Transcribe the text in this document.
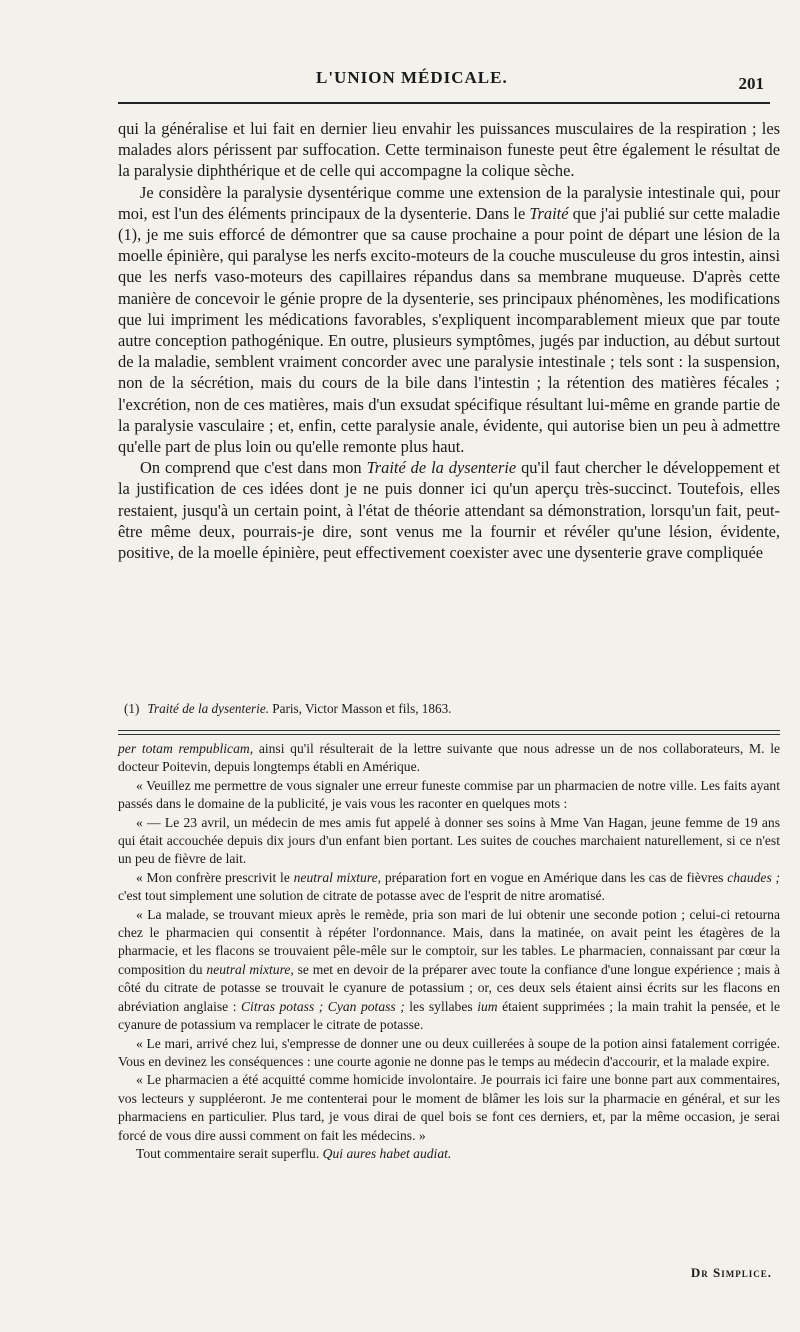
L'UNION MÉDICALE.	201

qui la généralise et lui fait en dernier lieu envahir les puissances musculaires de la respiration ; les malades alors périssent par suffocation. Cette terminaison funeste peut être également le résultat de la paralysie diphthérique et de celle qui accompagne la colique sèche.

Je considère la paralysie dysentérique comme une extension de la paralysie intestinale qui, pour moi, est l'un des éléments principaux de la dysenterie. Dans le Traité que j'ai publié sur cette maladie (1), je me suis efforcé de démontrer que sa cause prochaine a pour point de départ une lésion de la moelle épinière, qui paralyse les nerfs excito-moteurs de la couche musculeuse du gros intestin, ainsi que les nerfs vaso-moteurs des capillaires répandus dans sa membrane muqueuse. D'après cette manière de concevoir le génie propre de la dysenterie, ses principaux phénomènes, les modifications que lui impriment les médications favorables, s'expliquent incomparablement mieux que par toute autre conception pathogénique. En outre, plusieurs symptômes, jugés par induction, au début surtout de la maladie, semblent vraiment concorder avec une paralysie intestinale ; tels sont : la suspension, non de la sécrétion, mais du cours de la bile dans l'intestin ; la rétention des matières fécales ; l'excrétion, non de ces matières, mais d'un exsudat spécifique résultant lui-même en grande partie de la paralysie vasculaire ; et, enfin, cette paralysie anale, évidente, qui autorise bien un peu à admettre qu'elle part de plus loin ou qu'elle remonte plus haut.

On comprend que c'est dans mon Traité de la dysenterie qu'il faut chercher le développement et la justification de ces idées dont je ne puis donner ici qu'un aperçu très-succinct. Toutefois, elles restaient, jusqu'à un certain point, à l'état de théorie attendant sa démonstration, lorsqu'un fait, peut-être même deux, pourrais-je dire, sont venus me la fournir et révéler qu'une lésion, évidente, positive, de la moelle épinière, peut effectivement coexister avec une dysenterie grave compliquée

(1) Traité de la dysenterie. Paris, Victor Masson et fils, 1863.

per totam rempublicam, ainsi qu'il résulterait de la lettre suivante que nous adresse un de nos collaborateurs, M. le docteur Poitevin, depuis longtemps établi en Amérique.

« Veuillez me permettre de vous signaler une erreur funeste commise par un pharmacien de notre ville. Les faits ayant passés dans le domaine de la publicité, je vais vous les raconter en quelques mots :

« — Le 23 avril, un médecin de mes amis fut appelé à donner ses soins à Mme Van Hagan, jeune femme de 19 ans qui était accouchée depuis dix jours d'un enfant bien portant. Les suites de couches marchaient naturellement, si ce n'est un peu de fièvre de lait.

« Mon confrère prescrivit le neutral mixture, préparation fort en vogue en Amérique dans les cas de fièvres chaudes ; c'est tout simplement une solution de citrate de potasse avec de l'esprit de nitre aromatisé.

« La malade, se trouvant mieux après le remède, pria son mari de lui obtenir une seconde potion ; celui-ci retourna chez le pharmacien qui consentit à répéter l'ordonnance. Mais, dans la matinée, on avait peint les étagères de la pharmacie, et les flacons se trouvaient pêle-mêle sur le comptoir, sur les tables. Le pharmacien, connaissant par cœur la composition du neutral mixture, se met en devoir de la préparer avec toute la confiance d'une longue expérience ; mais à côté du citrate de potasse se trouvait le cyanure de potassium ; or, ces deux sels étaient ainsi écrits sur les flacons en abréviation anglaise : Citras potass ; Cyan potass ; les syllabes ium étaient supprimées ; la main trahit la pensée, et le cyanure de potassium va remplacer le citrate de potasse.

« Le mari, arrivé chez lui, s'empresse de donner une ou deux cuillerées à soupe de la potion ainsi fatalement corrigée. Vous en devinez les conséquences : une courte agonie ne donne pas le temps au médecin d'accourir, et la malade expire.

« Le pharmacien a été acquitté comme homicide involontaire. Je pourrais ici faire une bonne part aux commentaires, vos lecteurs y suppléeront. Je me contenterai pour le moment de blâmer les lois sur la pharmacie en général, et sur les pharmaciens en particulier. Plus tard, je vous dirai de quel bois se font ces derniers, et, par la même occasion, je serai forcé de vous dire aussi comment on fait les médecins. »

Tout commentaire serait superflu. Qui aures habet audiat.

Dr Simplice.
